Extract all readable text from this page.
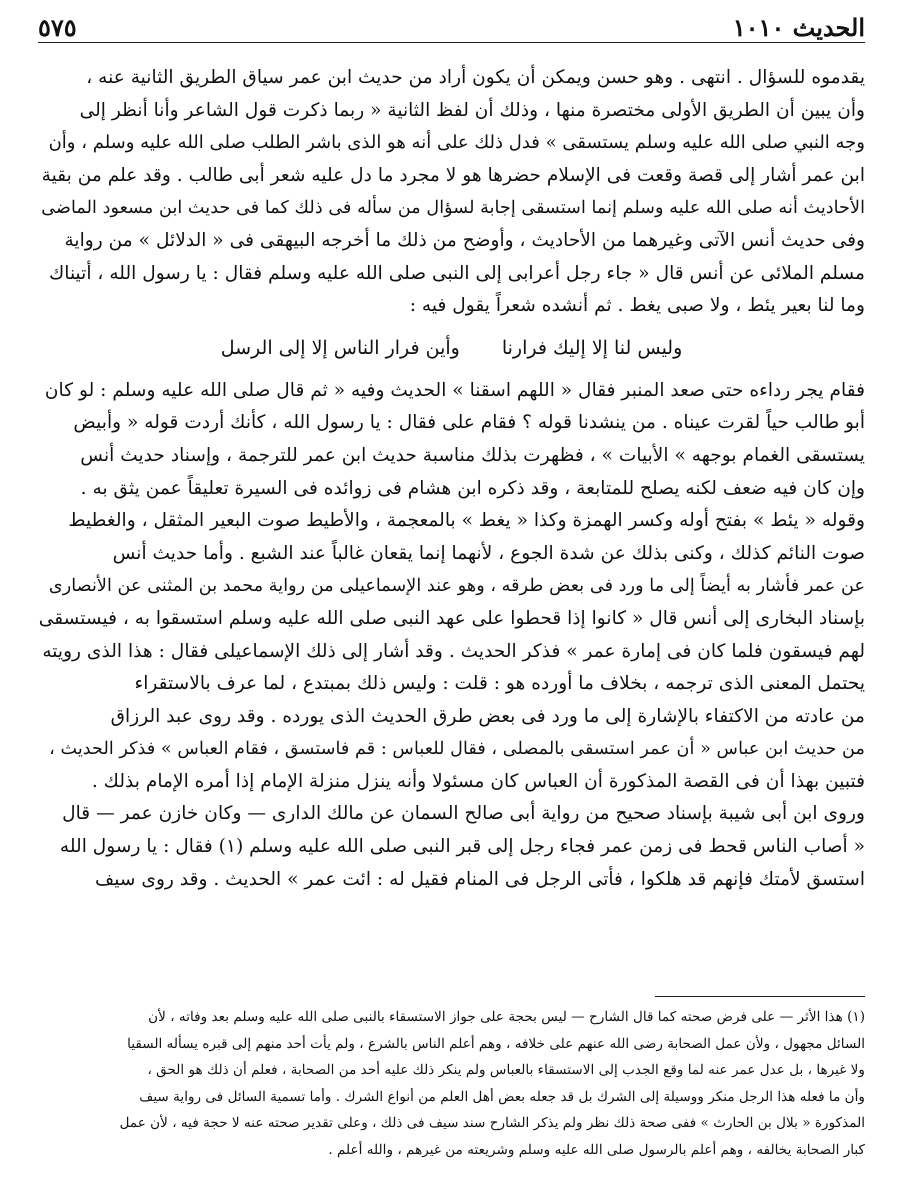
الحديث ١٠١٠
٥٧٥
يقدموه للسؤال . انتهى . وهو حسن ويمكن أن يكون أراد من حديث ابن عمر سياق الطريق الثانية عنه ،
وأن يبين أن الطريق الأولى مختصرة منها ، وذلك أن لفظ الثانية « ربما ذكرت قول الشاعر وأنا أنظر إلى
وجه النبي صلى الله عليه وسلم يستسقى » فدل ذلك على أنه هو الذى باشر الطلب صلى الله عليه وسلم ، وأن
ابن عمر أشار إلى قصة وقعت فى الإسلام حضرها هو لا مجرد ما دل عليه شعر أبى طالب . وقد علم من بقية
الأحاديث أنه صلى الله عليه وسلم إنما استسقى إجابة لسؤال من سأله فى ذلك كما فى حديث ابن مسعود الماضى
وفى حديث أنس الآتى وغيرهما من الأحاديث ، وأوضح من ذلك ما أخرجه البيهقى فى « الدلائل » من رواية
مسلم الملائى عن أنس قال « جاء رجل أعرابى إلى النبى صلى الله عليه وسلم فقال : يا رسول الله ، أتيناك
وما لنا بعير يئط ، ولا صبى يغط . ثم أنشده شعراً يقول فيه :
وليس لنا إلا إليك فرارنا
وأين فرار الناس إلا إلى الرسل
فقام يجر رداءه حتى صعد المنبر فقال « اللهم اسقنا » الحديث وفيه « ثم قال صلى الله عليه وسلم : لو كان
أبو طالب حياً لقرت عيناه . من ينشدنا قوله ؟ فقام على فقال : يا رسول الله ، كأنك أردت قوله « وأبيض
يستسقى الغمام بوجهه » الأبيات » ، فظهرت بذلك مناسبة حديث ابن عمر للترجمة ، وإسناد حديث أنس
وإن كان فيه ضعف لكنه يصلح للمتابعة ، وقد ذكره ابن هشام فى زوائده فى السيرة تعليقاً عمن يثق به .
وقوله « يئط » بفتح أوله وكسر الهمزة وكذا « يغط » بالمعجمة ، والأطيط صوت البعير المثقل ، والغطيط
صوت النائم كذلك ، وكنى بذلك عن شدة الجوع ، لأنهما إنما يقعان غالباً عند الشبع . وأما حديث أنس
عن عمر فأشار به أيضاً إلى ما ورد فى بعض طرقه ، وهو عند الإسماعيلى من رواية محمد بن المثنى عن الأنصارى
بإسناد البخارى إلى أنس قال « كانوا إذا قحطوا على عهد النبى صلى الله عليه وسلم استسقوا به ، فيستسقى
لهم فيسقون فلما كان فى إمارة عمر » فذكر الحديث . وقد أشار إلى ذلك الإسماعيلى فقال : هذا الذى رويته
يحتمل المعنى الذى ترجمه ، بخلاف ما أورده هو : قلت : وليس ذلك بمبتدع ، لما عرف بالاستقراء
من عادته من الاكتفاء بالإشارة إلى ما ورد فى بعض طرق الحديث الذى يورده . وقد روى عبد الرزاق
من حديث ابن عباس « أن عمر استسقى بالمصلى ، فقال للعباس : قم فاستسق ، فقام العباس » فذكر الحديث ،
فتبين بهذا أن فى القصة المذكورة أن العباس كان مسئولا وأنه ينزل منزلة الإمام إذا أمره الإمام بذلك .
وروى ابن أبى شيبة بإسناد صحيح من رواية أبى صالح السمان عن مالك الدارى — وكان خازن عمر — قال
« أصاب الناس قحط فى زمن عمر فجاء رجل إلى قبر النبى صلى الله عليه وسلم (١) فقال : يا رسول الله
استسق لأمتك فإنهم قد هلكوا ، فأتى الرجل فى المنام فقيل له : ائت عمر » الحديث . وقد روى سيف
(١) هذا الأثر — على فرض صحته كما قال الشارح — ليس بحجة على جواز الاستسقاء بالنبى صلى الله عليه وسلم بعد وفاته ، لأن
السائل مجهول ، ولأن عمل الصحابة رضى الله عنهم على خلافه ، وهم أعلم الناس بالشرع ، ولم يأت أحد منهم إلى قبره يسأله السقيا
ولا غيرها ، بل عدل عمر عنه لما وقع الجدب إلى الاستسقاء بالعباس ولم ينكر ذلك عليه أحد من الصحابة ، فعلم أن ذلك هو الحق ،
وأن ما فعله هذا الرجل منكر ووسيلة إلى الشرك بل قد جعله بعض أهل العلم من أنواع الشرك . وأما تسمية السائل فى رواية سيف
المذكورة « بلال بن الحارث » ففى صحة ذلك نظر ولم يذكر الشارح سند سيف فى ذلك ، وعلى تقدير صحته عنه لا حجة فيه ، لأن عمل
كبار الصحابة يخالفه ، وهم أعلم بالرسول صلى الله عليه وسلم وشريعته من غيرهم ، والله أعلم .
